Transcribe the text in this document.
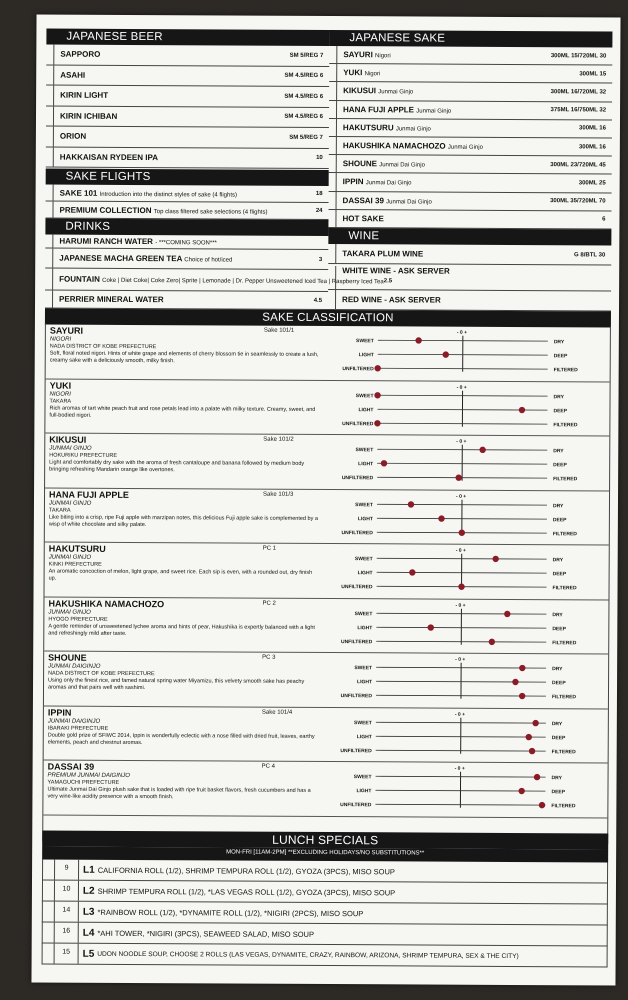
JAPANESE BEER
SAPPORO	SM 5/REG 7
ASAHI	SM 4.5/REG 6
KIRIN LIGHT	SM 4.5/REG 6
KIRIN ICHIBAN	SM 4.5/REG 6
ORION	SM 5/REG 7
HAKKAISAN RYDEEN IPA	10
SAKE FLIGHTS
SAKE 101 Introduction into the distinct styles of sake (4 flights)	18
PREMIUM COLLECTION Top class filtered sake selections (4 flights)	24
DRINKS
HARUMI RANCH WATER - ***COMING SOON***
JAPANESE MACHA GREEN TEA Choice of hot/iced	3
FOUNTAIN Coke | Diet Coke| Coke Zero| Sprite | Lemonade | Dr. Pepper Unsweetened Iced Tea | Raspberry Iced Tea 2.5
PERRIER MINERAL WATER	4.5
JAPANESE SAKE
SAYURI Nigori	300ML 15/720ML 30
YUKI Nigori	300ML 15
KIKUSUI Junmai Ginjo	300ML 16/720ML 32
HANA FUJI APPLE Junmai Ginjo	375ML 16/750ML 32
HAKUTSURU Junmai Ginjo	300ML 16
HAKUSHIKA NAMACHOZO Junmai Ginjo	300ML 16
SHOUNE Junmai Dai Ginjo	300ML 23/720ML 45
IPPIN Junmai Dai Ginjo	300ML 25
DASSAI 39 Junmai Dai Ginjo	300ML 35/720ML 70
HOT SAKE	6
WINE
TAKARA PLUM WINE	G 8/BTL 30
WHITE WINE - ASK SERVER
RED WINE - ASK SERVER
SAKE CLASSIFICATION
SAYURI	Sake 101/1
NIGORI
NADA DISTRICT OF KOBE PREFECTURE
Soft, floral noted nigori. Hints of white grape and elements of cherry blossom tie in seamlessly to create a lush, creamy sake with a deliciously smooth, milky finish.
- 0 +
SWEET	DRY
LIGHT	DEEP
UNFILTERED	FILTERED
YUKI
NIGORI
TAKARA
Rich aromas of tart white peach fruit and rose petals lead into a palate with milky texture. Creamy, sweet, and full-bodied nigori.
- 0 +
SWEET	DRY
LIGHT	DEEP
UNFILTERED	FILTERED
KIKUSUI	Sake 101/2
JUNMAI GINJO
HOKURIKU PREFECTURE
Light and comfortably dry sake with the aroma of fresh cantaloupe and banana followed by medium body bringing refreshing Mandarin orange like overtones.
- 0 +
SWEET	DRY
LIGHT	DEEP
UNFILTERED	FILTERED
HANA FUJI APPLE	Sake 101/3
JUNMAI GINJO
TAKARA
Like biting into a crisp, ripe Fuji apple with marzipan notes, this delicious Fuji apple sake is complemented by a wisp of white chocolate and silky palate.
- 0 +
SWEET	DRY
LIGHT	DEEP
UNFILTERED	FILTERED
HAKUTSURU	PC 1
JUNMAI GINJO
KINKI PREFECTURE
An aromatic concoction of melon, light grape, and sweet rice. Each sip is even, with a rounded out, dry finish up.
- 0 +
SWEET	DRY
LIGHT	DEEP
UNFILTERED	FILTERED
HAKUSHIKA NAMACHOZO	PC 2
JUNMAI GINJO
HYOGO PREFECTURE
A gentle reminder of unsweetened lychee aroma and hints of pear, Hakushika is expertly balanced with a light and refreshingly mild after taste.
- 0 +
SWEET	DRY
LIGHT	DEEP
UNFILTERED	FILTERED
SHOUNE	PC 3
JUNMAI DAIGINJO
NADA DISTRICT OF KOBE PREFECTURE
Using only the finest rice, and famed natural spring water Miyamizu, this velvety smooth sake has peachy aromas and that pairs well with sashimi.
- 0 +
SWEET	DRY
LIGHT	DEEP
UNFILTERED	FILTERED
IPPIN	Sake 101/4
JUNMAI DAIGINJO
IBARAKI PREFECTURE
Double gold prize of SFIWC 2014, Ippin is wonderfully eclectic with a nose filled with dried fruit, leaves, earthy elements, peach and chestnut aromas.
- 0 +
SWEET	DRY
LIGHT	DEEP
UNFILTERED	FILTERED
DASSAI 39	PC 4
PREMIUM JUNMAI DAIGINJO
YAMAGUCHI PREFECTURE
Ultimate Junmai Dai Ginjo plush sake that is loaded with ripe fruit basket flavors, fresh cucumbers and has a very wine-like acidity presence with a smooth finish.
- 0 +
SWEET	DRY
LIGHT	DEEP
UNFILTERED	FILTERED
LUNCH SPECIALS
MON-FRI [11AM-2PM] **EXCLUDING HOLIDAYS/NO SUBSTITUTIONS**
9	L1 CALIFORNIA ROLL (1/2), SHRIMP TEMPURA ROLL (1/2), GYOZA (3PCS), MISO SOUP
10	L2 SHRIMP TEMPURA ROLL (1/2), *LAS VEGAS ROLL (1/2), GYOZA (3PCS), MISO SOUP
14	L3 *RAINBOW ROLL (1/2), *DYNAMITE ROLL (1/2), *NIGIRI (2PCS), MISO SOUP
16	L4 *AHI TOWER, *NIGIRI (3PCS), SEAWEED SALAD, MISO SOUP
15	L5 UDON NOODLE SOUP, CHOOSE 2 ROLLS (LAS VEGAS, DYNAMITE, CRAZY, RAINBOW, ARIZONA, SHRIMP TEMPURA, SEX & THE CITY)
